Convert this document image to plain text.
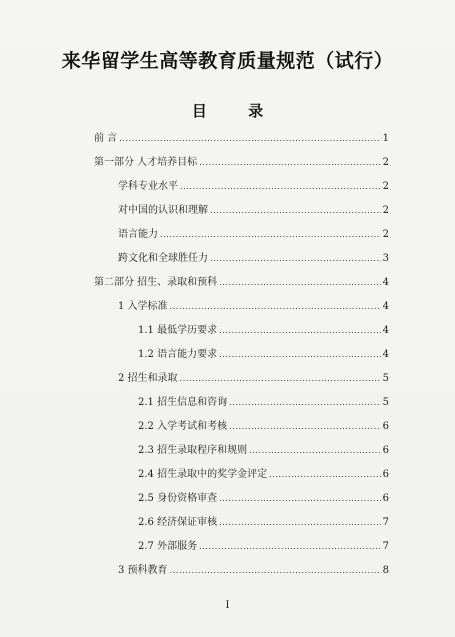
来华留学生高等教育质量规范（试行）
目 录
前 言 .....	1
第一部分 人才培养目标 .....	2
学科专业水平 .....	2
对中国的认识和理解 .....	2
语言能力 .....	2
跨文化和全球胜任力 .....	3
第二部分 招生、录取和预科 .....	4
1 入学标准 .....	4
1.1 最低学历要求 .....	4
1.2 语言能力要求 .....	4
2 招生和录取 .....	5
2.1 招生信息和咨询 .....	5
2.2 入学考试和考核 .....	6
2.3 招生录取程序和规则 .....	6
2.4 招生录取中的奖学金评定 .....	6
2.5 身份资格审查 .....	6
2.6 经济保证审核 .....	7
2.7 外部服务 .....	7
3 预科教育 .....	8
I
